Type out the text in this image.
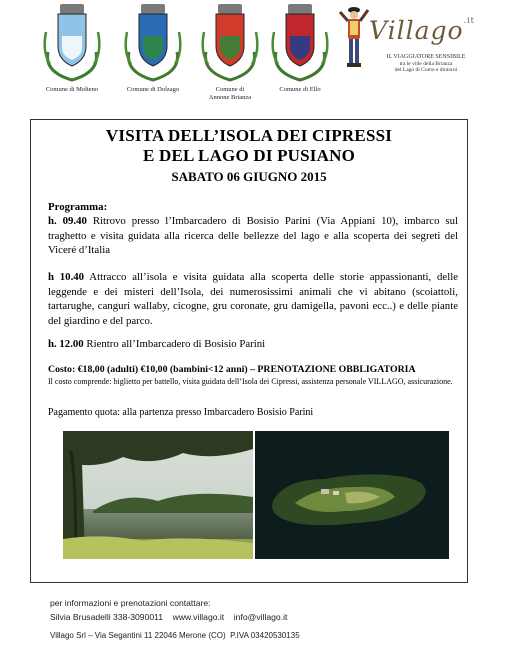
Comune di Molteno	Comune di Dolzago	Comune di
Annone Brianza
Comune di Ello
Villago$^{.it}$
IL VIAGGIATORE SENSIBILE
tra le ville della Brianza
del Lago di Como e dintorni
VISITA DELL’ISOLA DEI CIPRESSI
E DEL LAGO DI PUSIANO
SABATO 06 GIUGNO 2015
Programma:
h. 09.40 Ritrovo presso l’Imbarcadero di Bosisio Parini (Via Appiani 10), imbarco sul traghetto e visita guidata alla ricerca delle bellezze del lago e alla scoperta dei segreti del Viceré d’Italia
h 10.40 Attracco all’isola e visita guidata alla scoperta delle storie appassionanti, delle leggende e dei misteri dell’Isola, dei numerosissimi animali che vi abitano (scoiattoli, tartarughe, canguri wallaby, cicogne, gru coronate, gru damigella, pavoni ecc..) e delle piante del giardino e del parco.
h. 12.00 Rientro all’Imbarcadero di Bosisio Parini
Costo: €18,00 (adulti) €10,00 (bambini<12 anni) – PRENOTAZIONE OBBLIGATORIA
Il costo comprende: biglietto per battello, visita guidata dell’Isola dei Cipressi, assistenza personale VILLAGO, assicurazione.
Pagamento quota: alla partenza presso Imbarcadero Bosisio Parini
per informazioni e prenotazioni contattare:
Silvia Brusadelli 338-3090011    www.villago.it    info@villago.it
Villago Srl – Via Segantini 11 22046 Merone (CO)  P.IVA 03420530135
